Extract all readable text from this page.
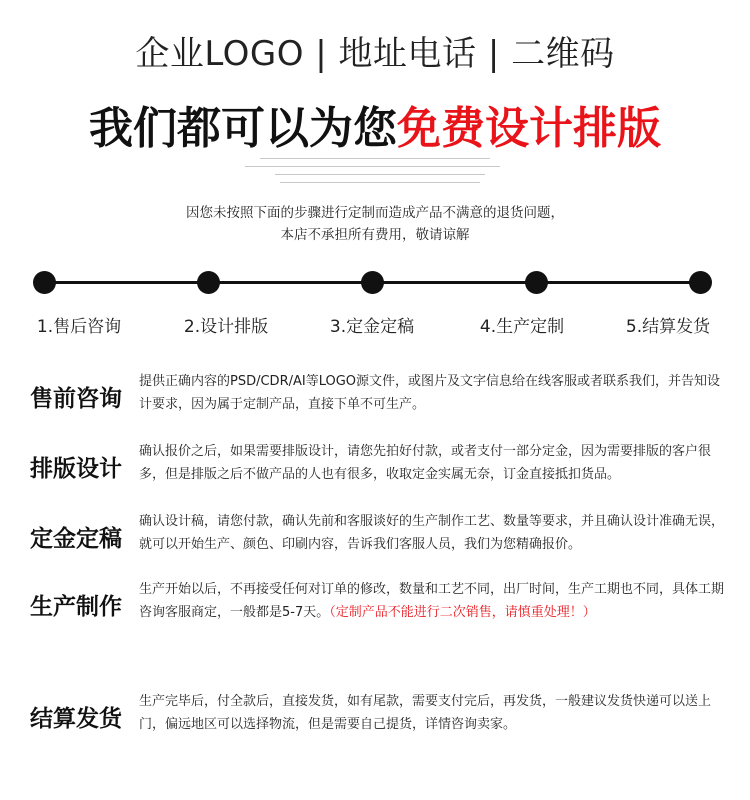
企业LOGO | 地址电话 | 二维码
我们都可以为您免费设计排版
因您未按照下面的步骤进行定制而造成产品不满意的退货问题，
本店不承担所有费用，敬请谅解
1.售后咨询	2.设计排版	3.定金定稿	4.生产定制	5.结算发货
售前咨询
提供正确内容的PSD/CDR/AI等LOGO源文件，或图片及文字信息给在线客服或者联系我们，并告知设计要求，因为属于定制产品，直接下单不可生产。
排版设计
确认报价之后，如果需要排版设计，请您先拍好付款，或者支付一部分定金，因为需要排版的客户很多，但是排版之后不做产品的人也有很多，收取定金实属无奈，订金直接抵扣货品。
定金定稿
确认设计稿，请您付款，确认先前和客服谈好的生产制作工艺、数量等要求，并且确认设计准确无误，就可以开始生产、颜色、印刷内容，告诉我们客服人员，我们为您精确报价。
生产制作
生产开始以后，不再接受任何对订单的修改，数量和工艺不同，出厂时间，生产工期也不同，具体工期咨询客服商定，一般都是5-7天。（定制产品不能进行二次销售，请慎重处理！）
结算发货
生产完毕后，付全款后，直接发货，如有尾款，需要支付完后，再发货，一般建议发货快递可以送上门，偏远地区可以选择物流，但是需要自己提货，详情咨询卖家。
